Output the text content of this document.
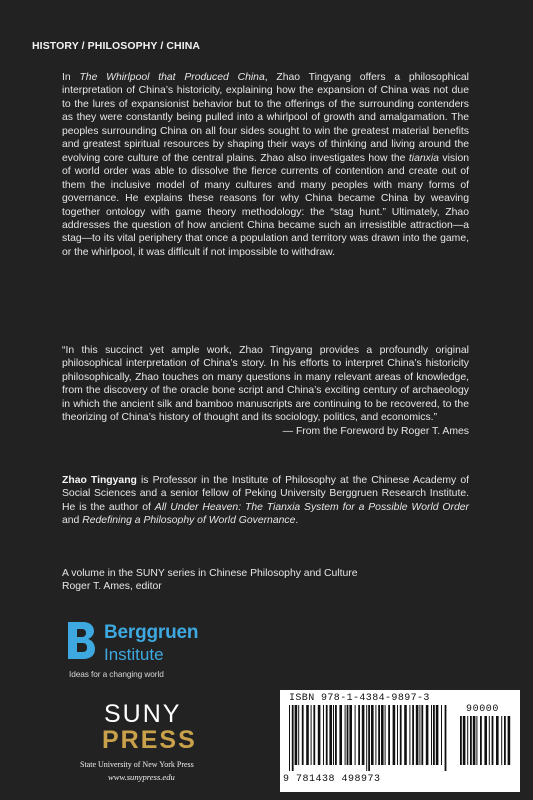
HISTORY / PHILOSOPHY / CHINA
In The Whirlpool that Produced China, Zhao Tingyang offers a philosophical interpretation of China’s historicity, explaining how the expansion of China was not due to the lures of expansionist behavior but to the offerings of the surrounding contenders as they were constantly being pulled into a whirlpool of growth and amalgamation. The peoples surrounding China on all four sides sought to win the greatest material benefits and greatest spiritual resources by shaping their ways of thinking and living around the evolving core culture of the central plains. Zhao also investigates how the tianxia vision of world order was able to dissolve the fierce currents of contention and create out of them the inclusive model of many cultures and many peoples with many forms of governance. He explains these reasons for why China became China by weaving together ontology with game theory methodology: the “stag hunt.” Ultimately, Zhao addresses the question of how ancient China became such an irresistible attraction—a stag—to its vital periphery that once a population and territory was drawn into the game, or the whirlpool, it was difficult if not impossible to withdraw.
“In this succinct yet ample work, Zhao Tingyang provides a profoundly original philosophical interpretation of China’s story. In his efforts to interpret China’s historicity philosophically, Zhao touches on many questions in many relevant areas of knowledge, from the discovery of the oracle bone script and China’s exciting century of archaeology in which the ancient silk and bamboo manuscripts are continuing to be recovered, to the theorizing of China’s history of thought and its sociology, politics, and economics.”
— From the Foreword by Roger T. Ames
Zhao Tingyang is Professor in the Institute of Philosophy at the Chinese Academy of Social Sciences and a senior fellow of Peking University Berggruen Research Institute. He is the author of All Under Heaven: The Tianxia System for a Possible World Order and Redefining a Philosophy of World Governance.
A volume in the SUNY series in Chinese Philosophy and Culture
Roger T. Ames, editor
Berggruen
Institute
Ideas for a changing world
SUNY
PRESS
State University of New York Press
www.sunypress.edu
ISBN 978-1-4384-9897-3
90000
9 781438 498973
